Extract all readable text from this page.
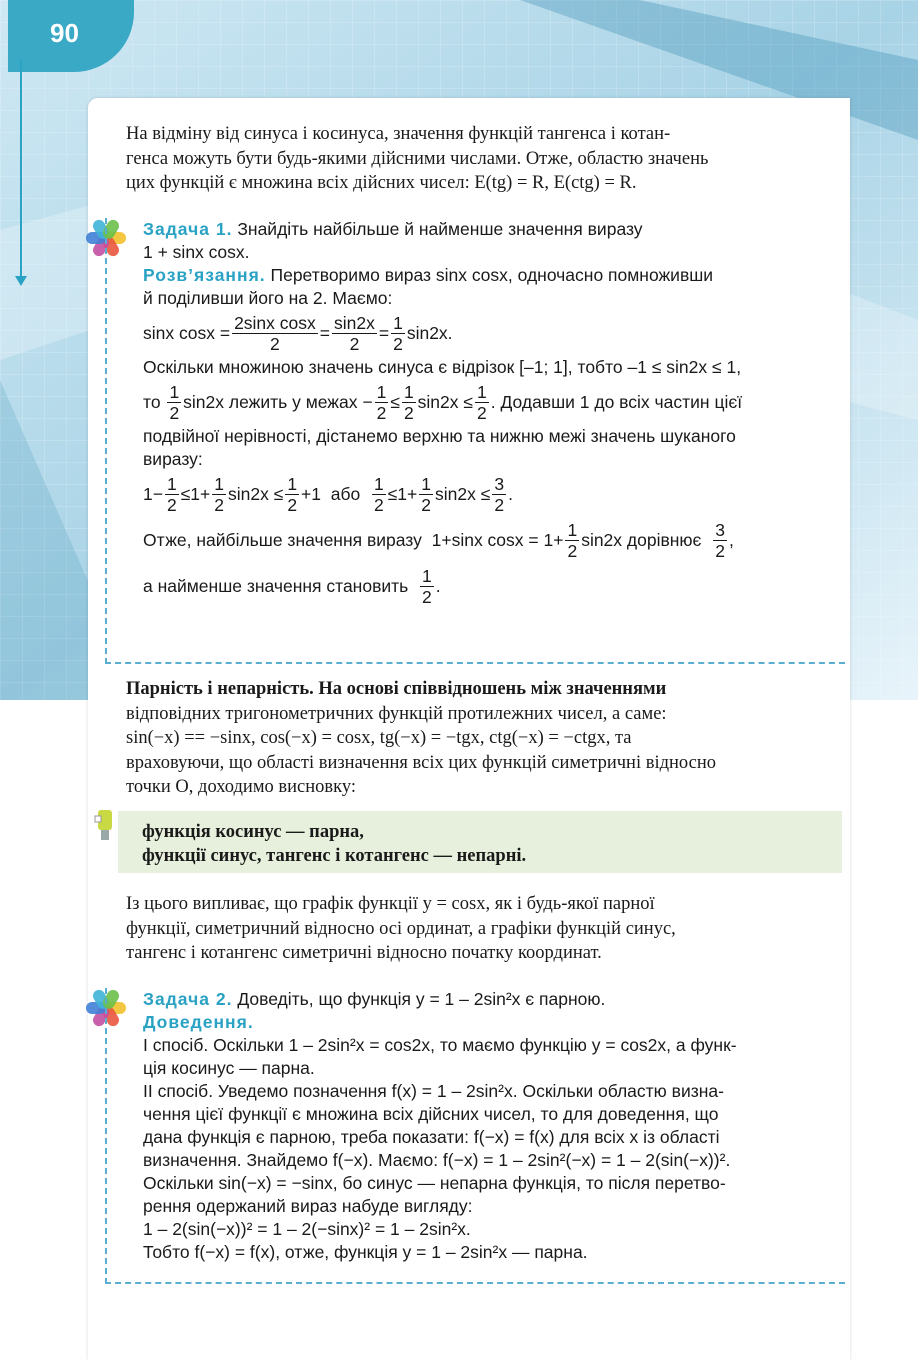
90
На відміну від синуса і косинуса, значення функцій тангенса і котан-
генса можуть бути будь-якими дійсними числами. Отже, областю значень
цих функцій є множина всіх дійсних чисел: E(tg) = R, E(ctg) = R.
Задача 1. Знайдіть найбільше й найменше значення виразу
1 + sinx cosx.
Розв’язання. Перетворимо вираз sinx cosx, одночасно помноживши
й поділивши його на 2. Маємо:
sinx $\cos x = \frac{\text{2sinx cosx}}{2} = \frac{\sin 2x}{2} = \frac{1}{2} \sin 2x$.
Оскільки множиною значень синуса є відрізок [–1; 1], тобто –1 ≤ sin2x ≤ 1,
то
$\frac{1}{2} \sin 2x$ лежить у межах
− $\frac{1}{2} \le \frac{1}{2} \sin 2x \le \frac{1}{2}$ . Додавши 1 до всіх частин цієї
подвійної нерівності, дістанемо верхню та нижню межі значень шуканого
виразу:
$1- \frac{1}{2} \le 1+ \frac{1}{2} \sin 2x \le \frac{1}{2} +1$
або
$\frac{1}{2} \le 1+ \frac{1}{2} \sin 2x \le \frac{3}{2}$ .
Отже, найбільше значення виразу
1+sinx $\cos x = 1+ \frac{1}{2} \sin 2x$ дорівнює
$\frac{3}{2}$ ,
а найменше значення становить
$\frac{1}{2}$ .
Парність і непарність. На основі співвідношень між значеннями
відповідних тригонометричних функцій протилежних чисел, а саме:
sin(−x) == −sinx, cos(−x) = cosx, tg(−x) = −tgx, ctg(−x) = −ctgx, та
враховуючи, що області визначення всіх цих функцій симетричні відносно
точки O, доходимо висновку:
функція косинус — парна,
функції синус, тангенс і котангенс — непарні.
Із цього випливає, що графік функції y = cosx, як і будь-якої парної
функції, симетричний відносно осі ординат, а графіки функцій синус,
тангенс і котангенс симетричні відносно початку координат.
Задача 2. Доведіть, що функція y = 1 – 2sin²x є парною.
Доведення.
I спосіб. Оскільки 1 – 2sin²x = cos2x, то маємо функцію y = cos2x, а функ-
ція косинус — парна.
II спосіб. Уведемо позначення f(x) = 1 – 2sin²x. Оскільки областю визна-
чення цієї функції є множина всіх дійсних чисел, то для доведення, що
дана функція є парною, треба показати: f(−x) = f(x) для всіх x із області
визначення. Знайдемо f(−x). Маємо: f(−x) = 1 – 2sin²(−x) = 1 – 2(sin(−x))².
Оскільки sin(−x) = −sinx, бо синус — непарна функція, то після перетво-
рення одержаний вираз набуде вигляду:
1 – 2(sin(−x))² = 1 – 2(−sinx)² = 1 – 2sin²x.
Тобто f(−x) = f(x), отже, функція y = 1 – 2sin²x — парна.
